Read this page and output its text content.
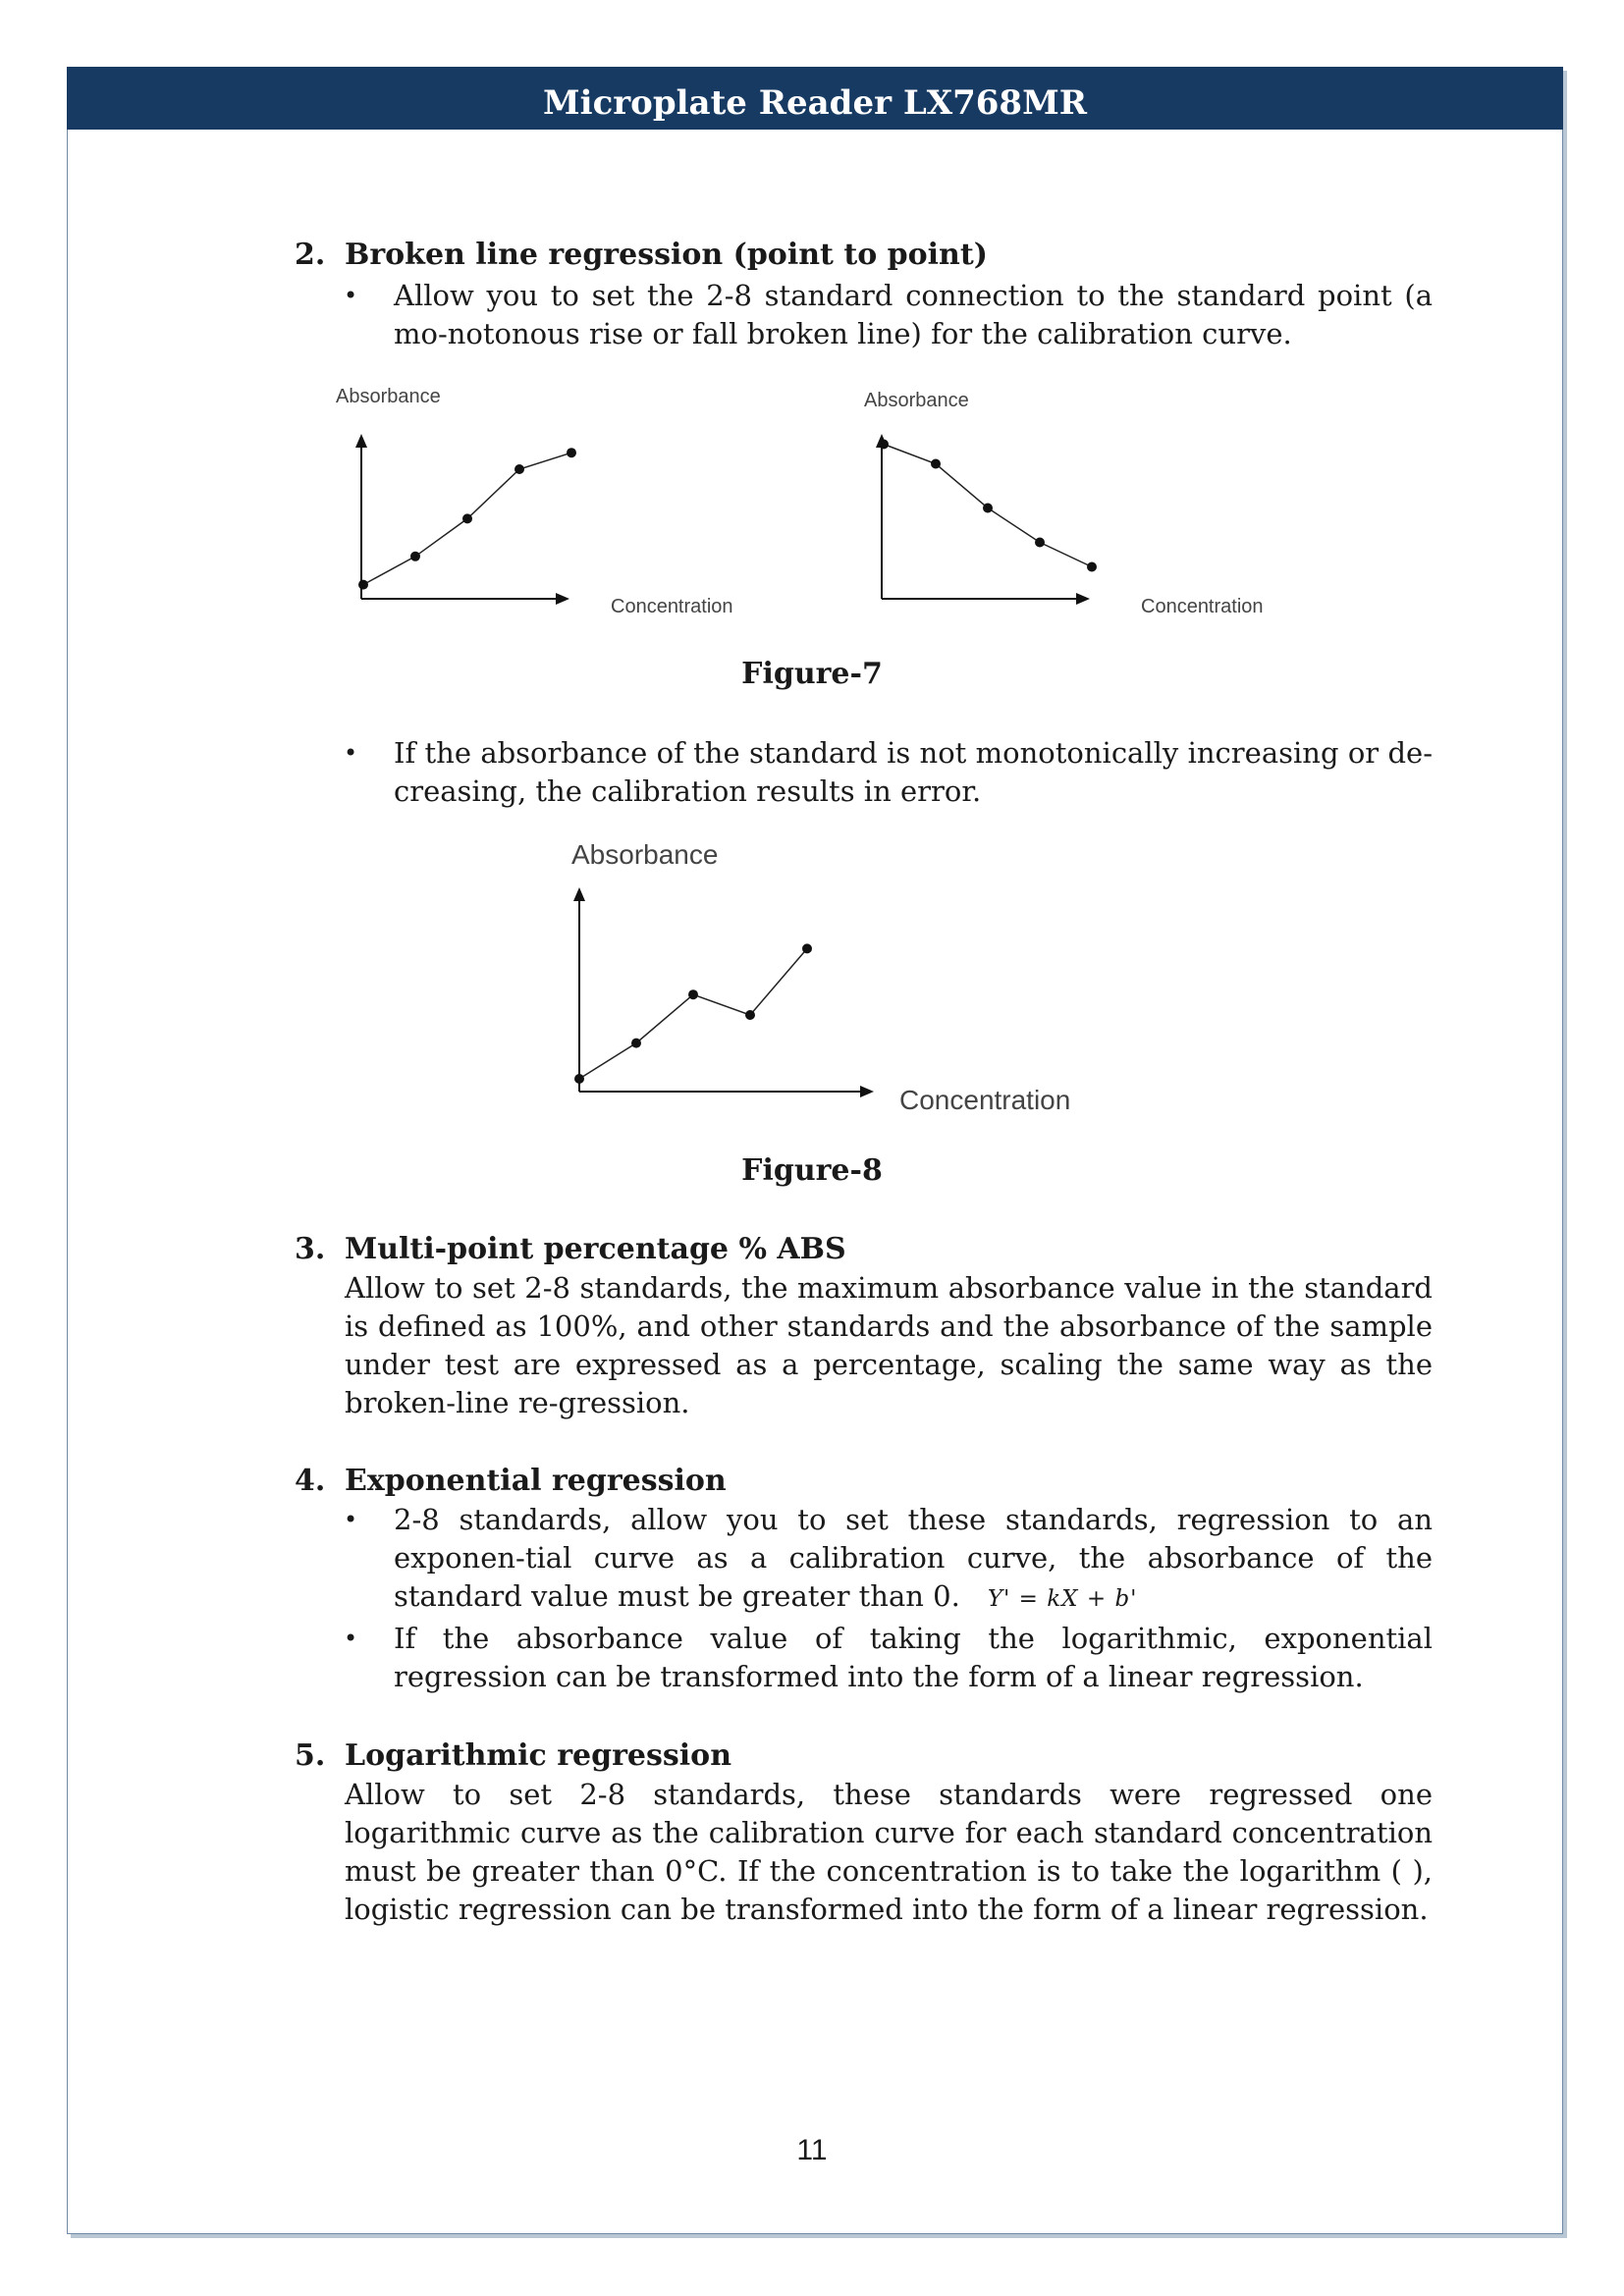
Microplate Reader LX768MR
2. Broken line regression (point to point)
• Allow you to set the 2-8 standard connection to the standard point (a mo-notonous rise or fall broken line) for the calibration curve.
Absorbance
Concentration
Absorbance
Concentration
Figure-7
• If the absorbance of the standard is not monotonically increasing or de-creasing, the calibration results in error.
Absorbance
Concentration
Figure-8
3. Multi-point percentage % ABS
Allow to set 2-8 standards, the maximum absorbance value in the standard is defined as 100%, and other standards and the absorbance of the sample under test are expressed as a percentage, scaling the same way as the broken-line re-gression.
4. Exponential regression
• 2-8 standards, allow you to set these standards, regression to an exponen-tial curve as a calibration curve, the absorbance of the standard value must be greater than 0. Y' = kX + b'
• If the absorbance value of taking the logarithmic, exponential regression can be transformed into the form of a linear regression.
5. Logarithmic regression
Allow to set 2-8 standards, these standards were regressed one logarithmic curve as the calibration curve for each standard concentration must be greater than 0°C. If the concentration is to take the logarithm ( ), logistic regression can be transformed into the form of a linear regression.
11
